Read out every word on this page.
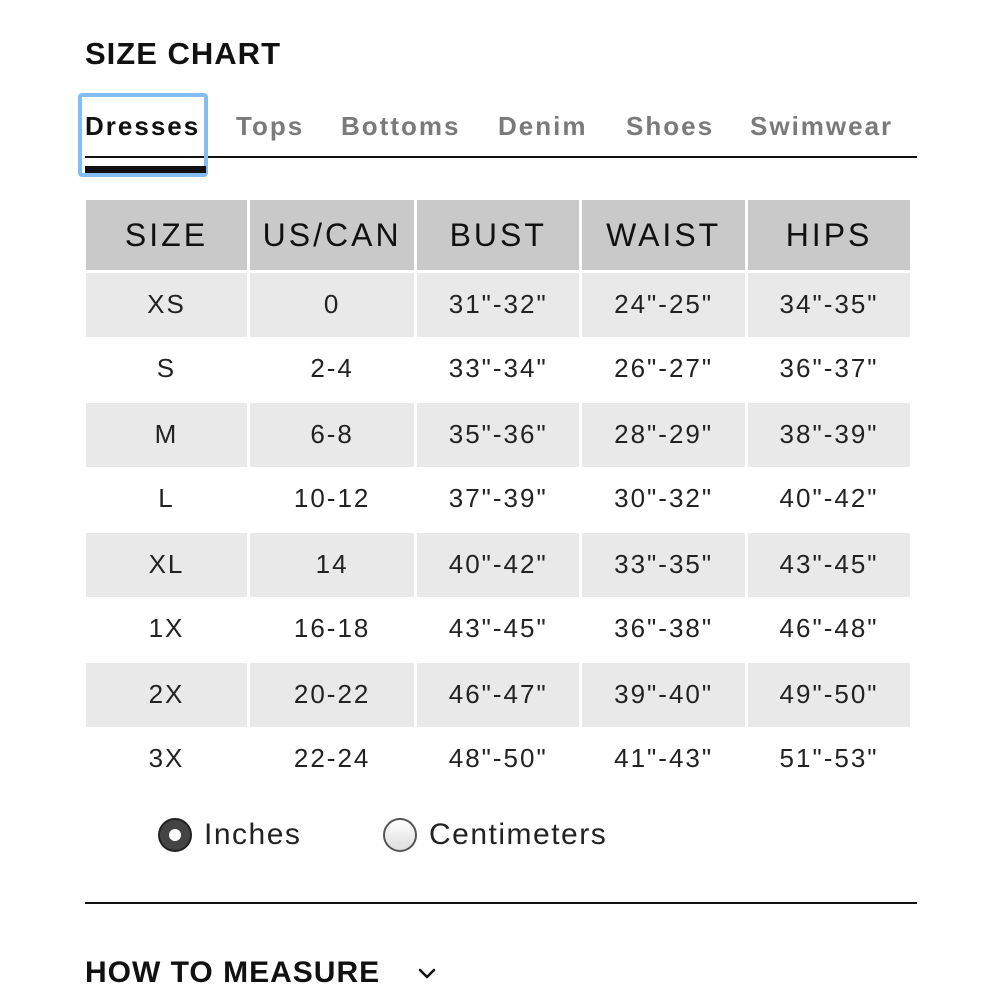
SIZE CHART
Dresses Tops Bottoms Denim Shoes Swimwear
SIZE	US/CAN	BUST	WAIST	HIPS
XS	0	31"-32"	24"-25"	34"-35"
S	2-4	33"-34"	26"-27"	36"-37"
M	6-8	35"-36"	28"-29"	38"-39"
L	10-12	37"-39"	30"-32"	40"-42"
XL	14	40"-42"	33"-35"	43"-45"
1X	16-18	43"-45"	36"-38"	46"-48"
2X	20-22	46"-47"	39"-40"	49"-50"
3X	22-24	48"-50"	41"-43"	51"-53"
Inches	Centimeters
HOW TO MEASURE
